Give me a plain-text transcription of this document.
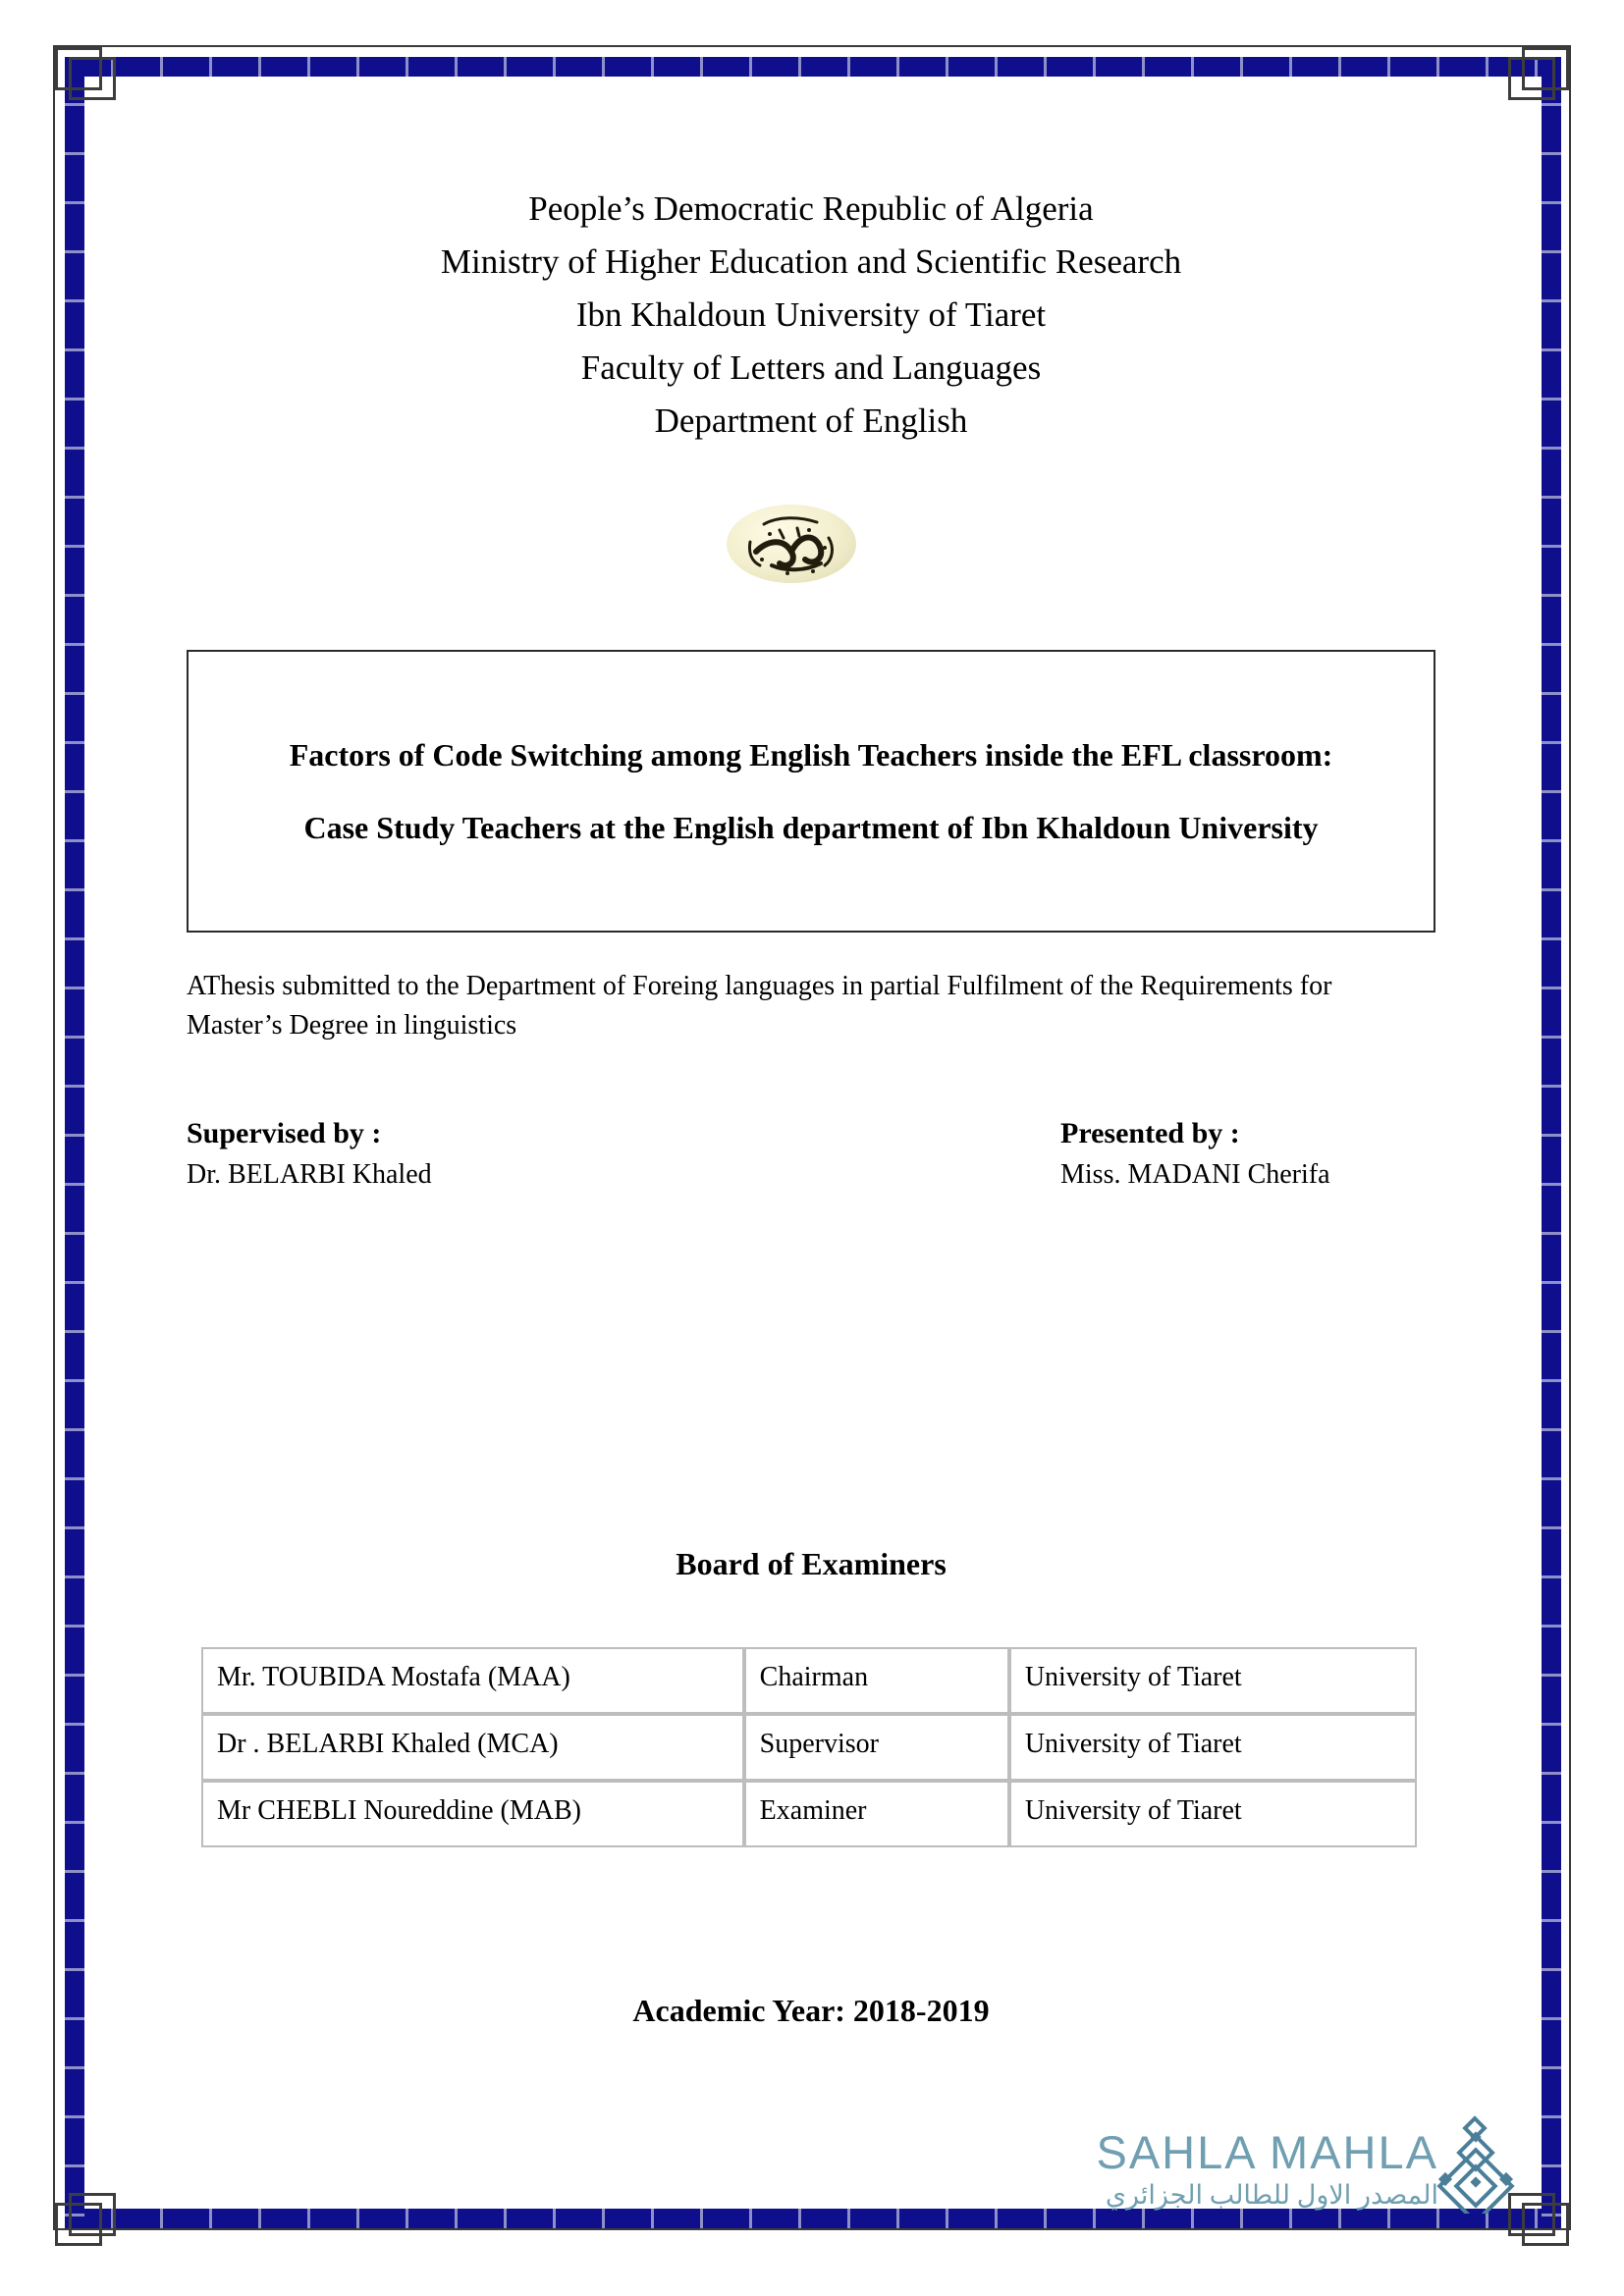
People’s Democratic Republic of Algeria
Ministry of Higher Education and Scientific Research
Ibn Khaldoun University of Tiaret
Faculty of Letters and Languages
Department of English
Factors of Code Switching among English Teachers inside the EFL classroom: Case Study Teachers at the English department of Ibn Khaldoun University
AThesis submitted to the Department of Foreing languages in partial Fulfilment of the Requirements for Master’s Degree in linguistics
Supervised by :
Dr. BELARBI Khaled
Presented by :
Miss. MADANI Cherifa
Board of Examiners
Mr. TOUBIDA Mostafa (MAA)	Chairman	University of Tiaret
Dr . BELARBI Khaled (MCA)	Supervisor	University of Tiaret
Mr CHEBLI Noureddine (MAB)	Examiner	University of Tiaret
Academic Year: 2018-2019
SAHLA MAHLA
المصدر الاول للطالب الجزائري
